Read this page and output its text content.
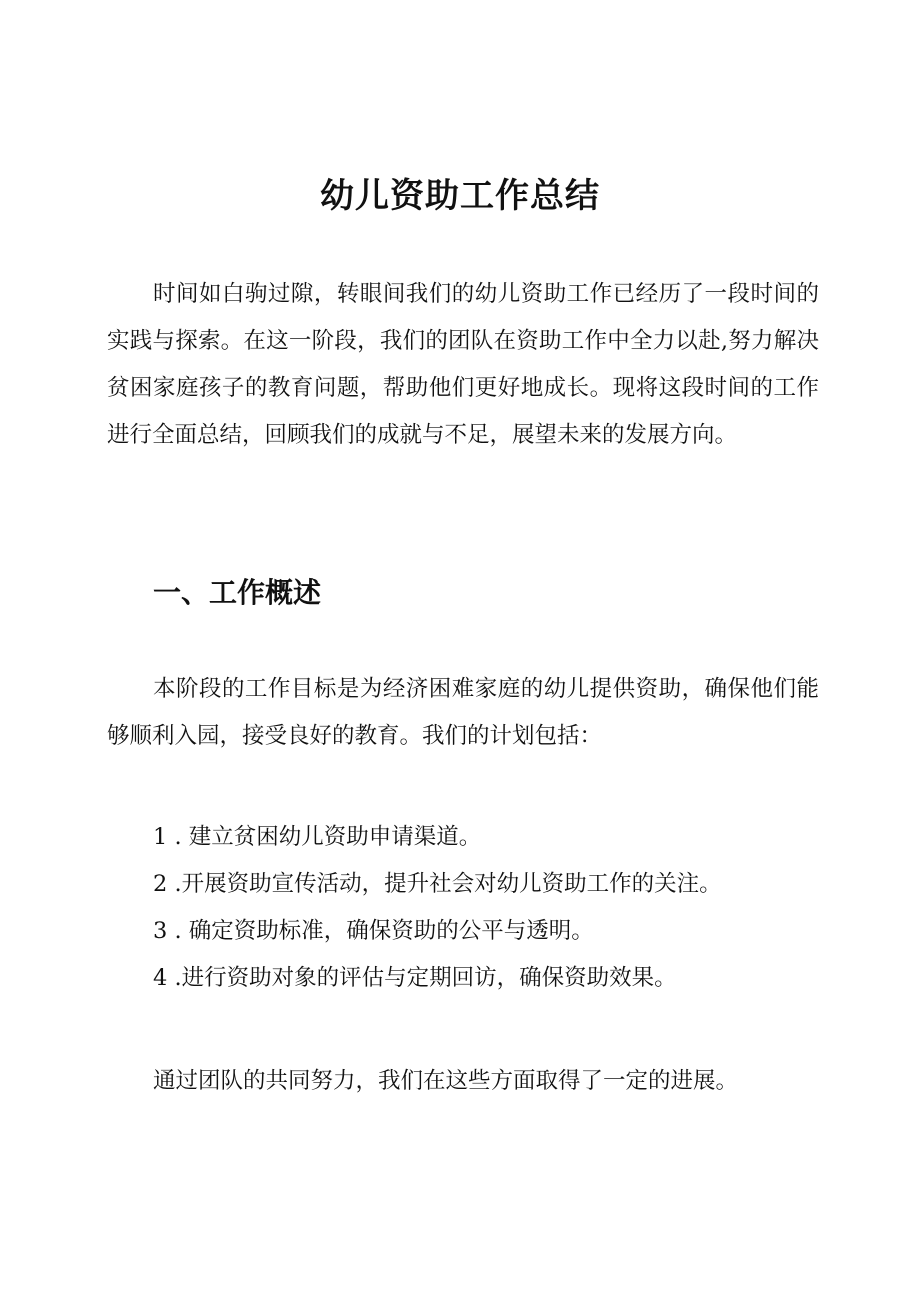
幼儿资助工作总结

时间如白驹过隙，转眼间我们的幼儿资助工作已经历了一段时间的实践与探索。在这一阶段，我们的团队在资助工作中全力以赴,努力解决贫困家庭孩子的教育问题，帮助他们更好地成长。现将这段时间的工作进行全面总结，回顾我们的成就与不足，展望未来的发展方向。

一、工作概述

本阶段的工作目标是为经济困难家庭的幼儿提供资助，确保他们能够顺利入园，接受良好的教育。我们的计划包括：

1 . 建立贫困幼儿资助申请渠道。
2 .开展资助宣传活动，提升社会对幼儿资助工作的关注。
3 . 确定资助标准，确保资助的公平与透明。
4 .进行资助对象的评估与定期回访，确保资助效果。

通过团队的共同努力，我们在这些方面取得了一定的进展。
